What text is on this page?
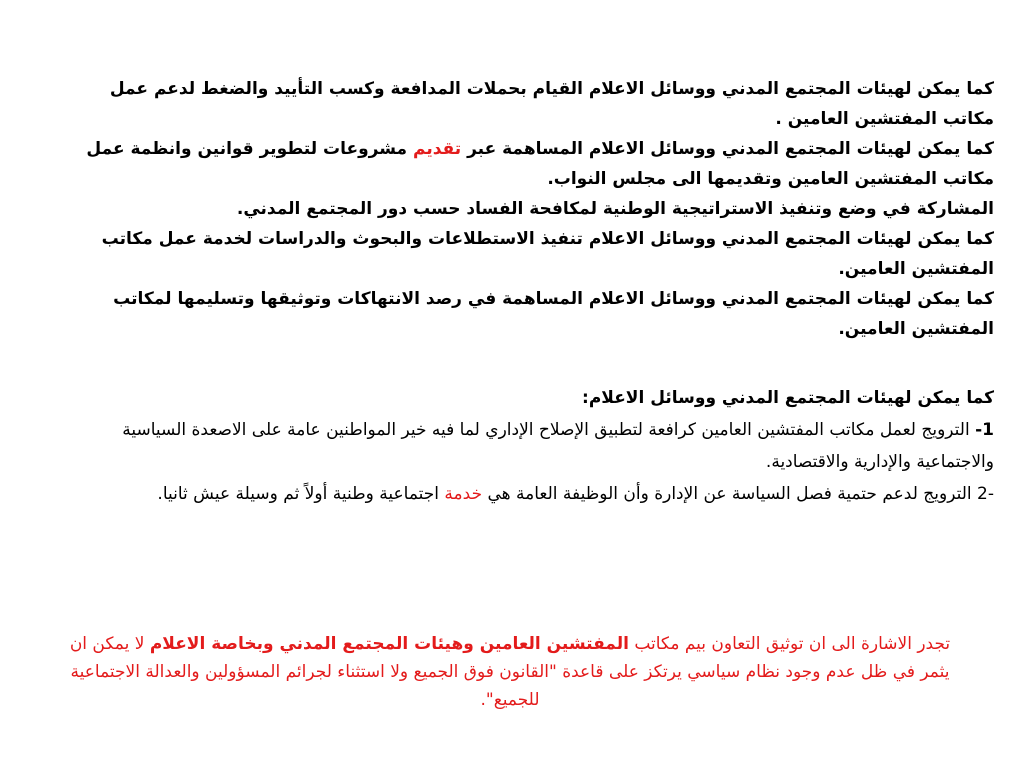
كما يمكن لهيئات المجتمع المدني ووسائل الاعلام القيام بحملات المدافعة وكسب التأييد والضغط لدعم عمل مكاتب المفتشين العامين .

كما يمكن لهيئات المجتمع المدني ووسائل الاعلام المساهمة عبر تقديم مشروعات لتطوير قوانين وانظمة عمل مكاتب المفتشين العامين وتقديمها الى مجلس النواب.

المشاركة في وضع وتنفيذ الاستراتيجية الوطنية لمكافحة الفساد حسب دور المجتمع المدني.

كما يمكن لهيئات المجتمع المدني ووسائل الاعلام تنفيذ الاستطلاعات والبحوث والدراسات لخدمة عمل مكاتب المفتشين العامين.

كما يمكن لهيئات المجتمع المدني ووسائل الاعلام المساهمة في رصد الانتهاكات وتوثيقها وتسليمها لمكاتب المفتشين العامين.

كما يمكن لهيئات المجتمع المدني ووسائل الاعلام:

1- الترويج لعمل مكاتب المفتشين العامين كرافعة لتطبيق الإصلاح الإداري لما فيه خير المواطنين عامة على الاصعدة السياسية والاجتماعية والإدارية والاقتصادية.

-2 الترويج لدعم حتمية فصل السياسة عن الإدارة وأن الوظيفة العامة هي خدمة اجتماعية وطنية أولاً ثم وسيلة عيش ثانيا.

تجدر الاشارة الى ان توثيق التعاون بيم مكاتب المفتشين العامين وهيئات المجتمع المدني وبخاصة الاعلام لا يمكن ان يثمر في ظل عدم وجود نظام سياسي يرتكز على قاعدة "القانون فوق الجميع ولا استثناء لجرائم المسؤولين والعدالة الاجتماعية للجميع".
